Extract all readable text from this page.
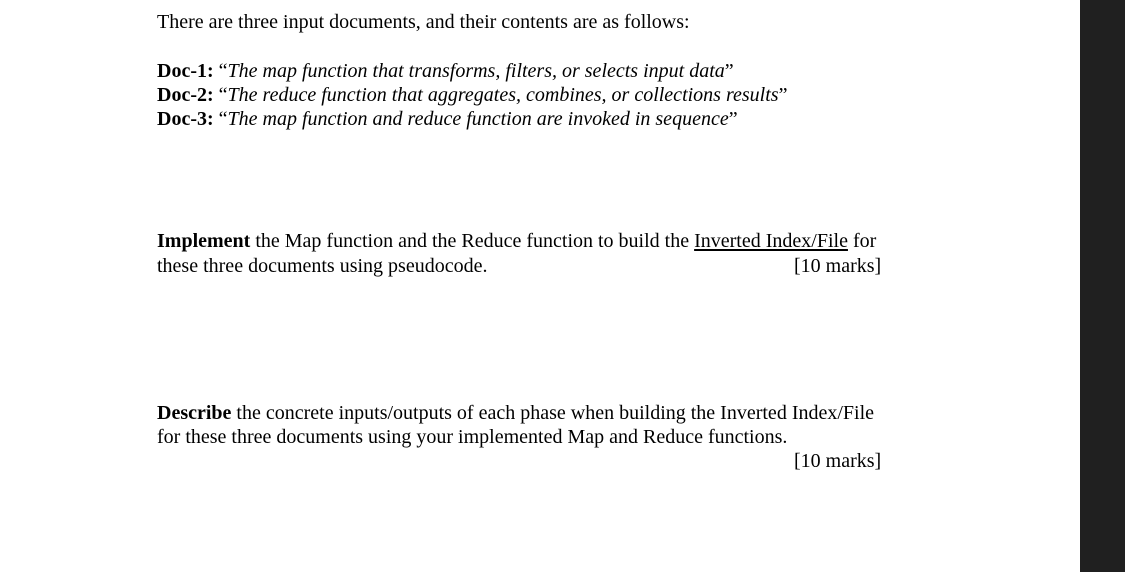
There are three input documents, and their contents are as follows:
Doc-1: “The map function that transforms, filters, or selects input data”
Doc-2: “The reduce function that aggregates, combines, or collections results”
Doc-3: “The map function and reduce function are invoked in sequence”
Implement the Map function and the Reduce function to build the Inverted Index/File for
these three documents using pseudocode.	[10 marks]
Describe the concrete inputs/outputs of each phase when building the Inverted Index/File
for these three documents using your implemented Map and Reduce functions.
[10 marks]
